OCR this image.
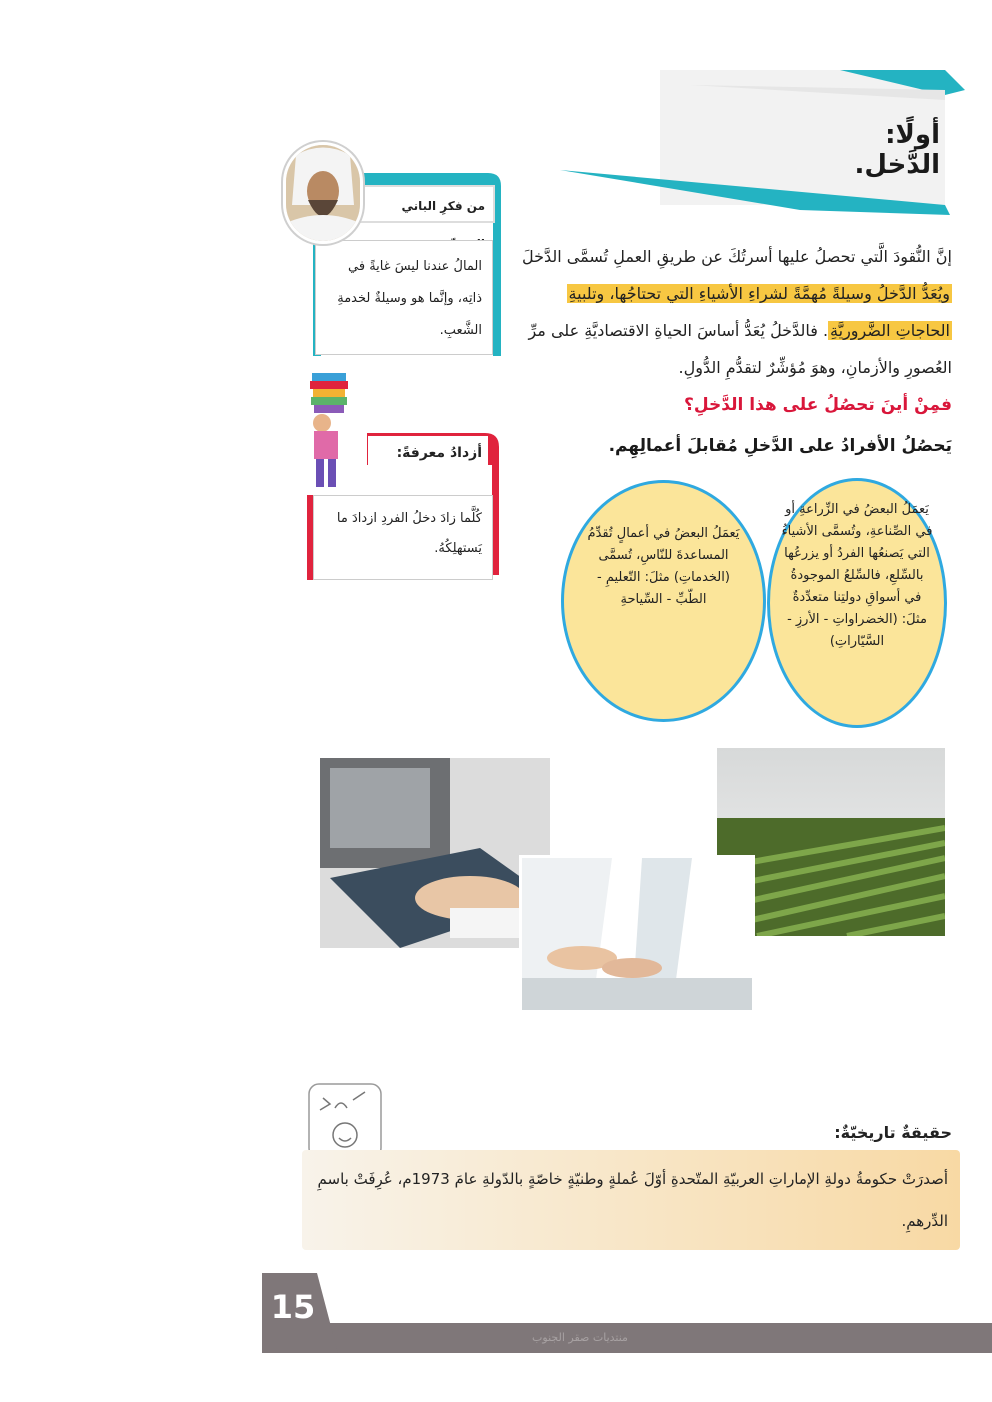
أولًا: الدَّخل.
إنَّ النُّقودَ الَّتي تحصلُ عليها أسرتُكَ عن طريقِ العملِ تُسمَّى الدَّخلَ
ويُعَدُّ الدَّخلُ وسيلةً مُهمَّةً لشراءِ الأشياءِ التي تحتاجُها، وتلبيةِ
الحاجاتِ الضَّروريَّةِ. فالدَّخلُ يُعَدُّ أساسَ الحياةِ الاقتصاديَّةِ على مرِّ
العُصورِ والأزمانِ، وهوَ مُؤشِّرٌ لتقدُّمِ الدُّولِ.
فمِنْ أينَ تحصُلُ على هذا الدَّخلِ؟
يَحصُلُ الأفرادُ على الدَّخلِ مُقابلَ أعمالِهِم.
من فكرِ الباني
المالُ عندنا ليسَ غايةً في ذاتِه، وإنَّما هو وسيلةٌ لخدمةِ الشَّعبِ.
أزدادُ معرفةً:
كُلَّما زادَ دخلُ الفردِ ازدادَ ما يَستهلِكُهُ.
يَعمَلُ البعضُ في الزِّراعةِ أو في الصِّناعةِ، وتُسمَّى الأشياءُ التي يَصنعُها الفردُ أو يزرعُها بالسِّلعِ، فالسِّلعُ الموجودةُ في أسواقِ دولتِنا متعدِّدةٌ مثلَ: (الخضراواتِ - الأرزِ - السَّيّاراتِ)
يَعمَلُ البعضُ في أعمالٍ تُقدِّمُ المساعدةَ للنّاسِ، تُسمَّى (الخدماتِ) مثلَ: التّعليمِ - الطّبِّ - السِّياحةِ
حقيقةٌ تاريخيّةٌ:
أصدرَتْ حكومةُ دولةِ الإماراتِ العربيّةِ المتّحدةِ أوّلَ عُملةٍ وطنيّةٍ خاصّةٍ بالدّولةِ عامَ 1973م، عُرِفَتْ باسمِ الدِّرهمِ.
15
منتديات صقر الجنوب
